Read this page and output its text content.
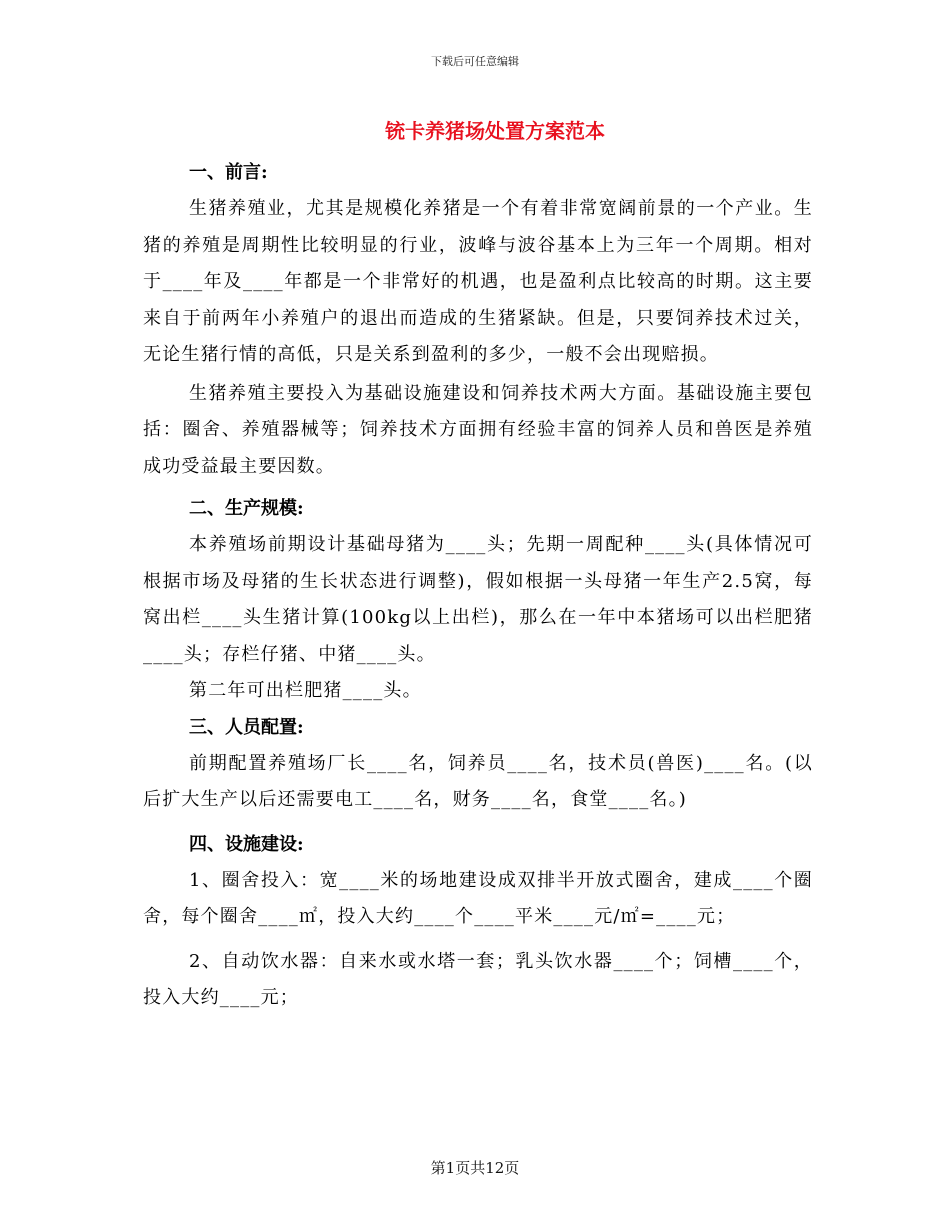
下载后可任意编辑
铳卡养猪场处置方案范本
一、前言:

生猪养殖业，尤其是规模化养猪是一个有着非常宽阔前景的一个产业。生猪的养殖是周期性比较明显的行业，波峰与波谷基本上为三年一个周期。相对于____年及____年都是一个非常好的机遇，也是盈利点比较高的时期。这主要来自于前两年小养殖户的退出而造成的生猪紧缺。但是，只要饲养技术过关，无论生猪行情的高低，只是关系到盈利的多少，一般不会出现赔损。

生猪养殖主要投入为基础设施建设和饲养技术两大方面。基础设施主要包括：圈舍、养殖器械等；饲养技术方面拥有经验丰富的饲养人员和兽医是养殖成功受益最主要因数。

二、生产规模:

本养殖场前期设计基础母猪为____头；先期一周配种____头(具体情况可根据市场及母猪的生长状态进行调整)，假如根据一头母猪一年生产2.5窝，每窝出栏____头生猪计算(100kg以上出栏)，那么在一年中本猪场可以出栏肥猪____头；存栏仔猪、中猪____头。

第二年可出栏肥猪____头。

三、人员配置:

前期配置养殖场厂长____名，饲养员____名，技术员(兽医)____名。(以后扩大生产以后还需要电工____名，财务____名，食堂____名。)

四、设施建设:

1、圈舍投入：宽____米的场地建设成双排半开放式圈舍，建成____个圈舍，每个圈舍____㎡，投入大约____个____平米____元/㎡=____元；

2、自动饮水器：自来水或水塔一套；乳头饮水器____个；饲槽____个，投入大约____元；

第1页共12页
